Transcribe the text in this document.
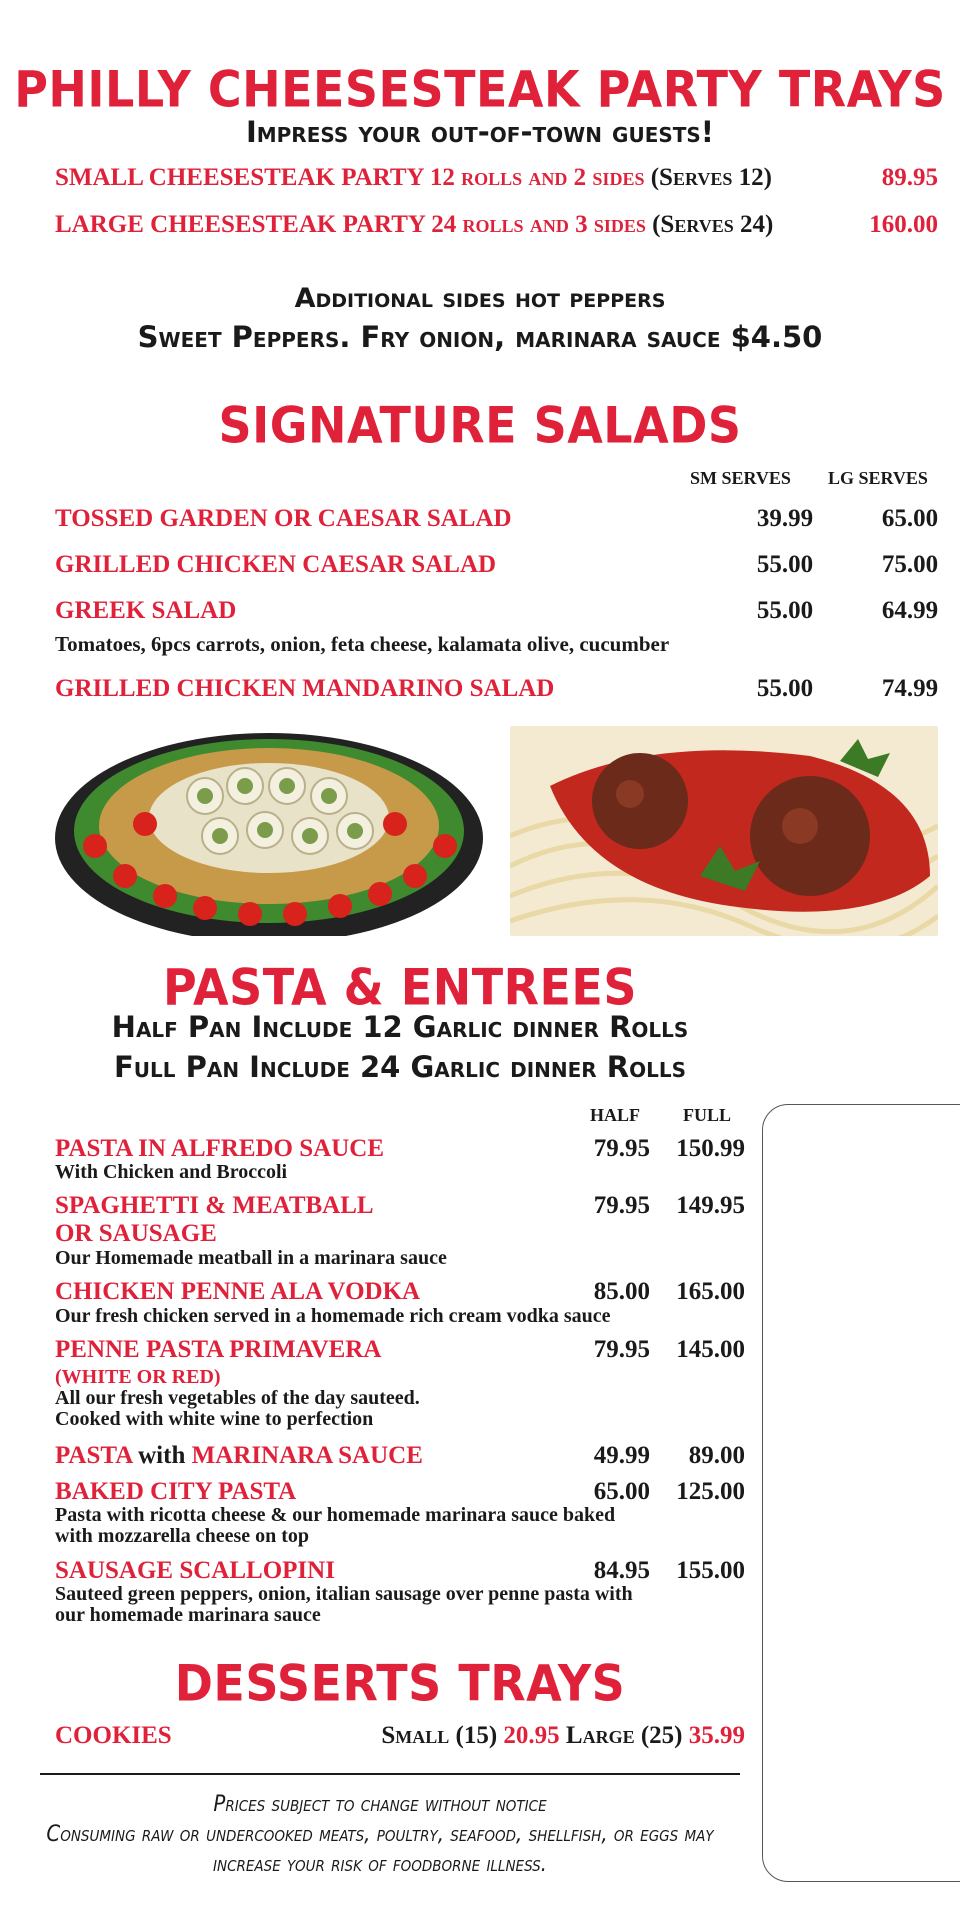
PHILLY CHEESESTEAK PARTY TRAYS
Impress your out-of-town guests!
SMALL CHEESESTEAK PARTY 12 rolls and 2 sides (Serves 12)	89.95
LARGE CHEESESTEAK PARTY 24 rolls and 3 sides (Serves 24)	160.00
Additional sides hot peppers
Sweet Peppers. Fry onion, marinara sauce $4.50
SIGNATURE SALADS
SM SERVES LG SERVES
TOSSED GARDEN OR CAESAR SALAD	39.99	65.00
GRILLED CHICKEN CAESAR SALAD	55.00	75.00
GREEK SALAD	55.00	64.99
Tomatoes, 6pcs carrots, onion, feta cheese, kalamata olive, cucumber
GRILLED CHICKEN MANDARINO SALAD	55.00	74.99
PASTA & ENTREES
Half Pan Include 12 Garlic dinner Rolls
Full Pan Include 24 Garlic dinner Rolls
HALF FULL
PASTA IN ALFREDO SAUCE	79.95	150.99
With Chicken and Broccoli
SPAGHETTI & MEATBALL
OR SAUSAGE
79.95	149.95
Our Homemade meatball in a marinara sauce
CHICKEN PENNE ALA VODKA	85.00	165.00
Our fresh chicken served in a homemade rich cream vodka sauce
PENNE PASTA PRIMAVERA
(WHITE OR RED)
79.95	145.00
All our fresh vegetables of the day sauteed.
Cooked with white wine to perfection
PASTA with MARINARA SAUCE	49.99	89.00
BAKED CITY PASTA	65.00	125.00
Pasta with ricotta cheese & our homemade marinara sauce baked
with mozzarella cheese on top
SAUSAGE SCALLOPINI	84.95	155.00
Sauteed green peppers, onion, italian sausage over penne pasta with
our homemade marinara sauce
DESSERTS TRAYS
COOKIES	Small (15) 20.95 Large (25) 35.99
Prices subject to change without notice
Consuming raw or undercooked meats, poultry, seafood, shellfish, or eggs may
increase your risk of foodborne illness.
